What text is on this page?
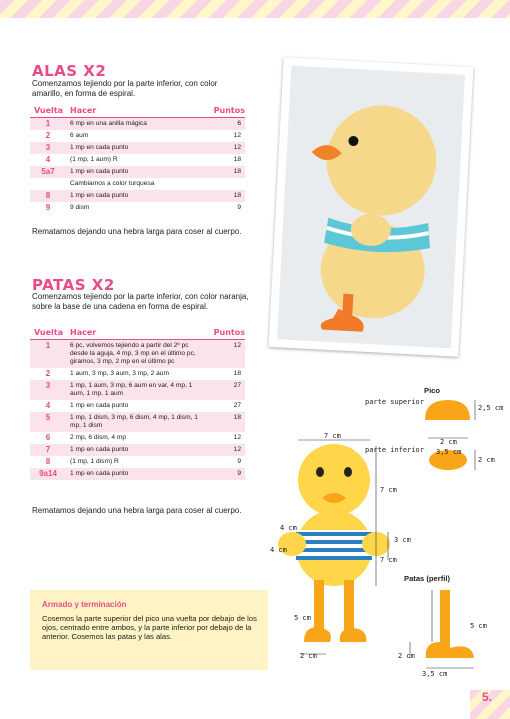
ALAS X2
Comenzamos tejiendo por la parte inferior, con color amarillo, en forma de espiral.
Vuelta	Hacer	Puntos
1	6 mp en una anilla mágica	6
2	6 aum	12
3	1 mp en cada punto	12
4	(1 mp, 1 aum) R	18
5a7	1 mp en cada punto	18
	Cambiamos a color turquesa	
8	1 mp en cada punto	18
9	9 dism	9
Rematamos dejando una hebra larga para coser al cuerpo.
PATAS X2
Comenzamos tejiendo por la parte inferior, con color naranja, sobre la base de una cadena en forma de espiral.
Vuelta	Hacer	Puntos
1	6 pc, volvemos tejiendo a partir del 2º pc desde la aguja, 4 mp, 3 mp en el último pc, giramos, 3 mp, 2 mp en el último pc	12
2	1 aum, 3 mp, 3 aum, 3 mp, 2 aum	18
3	1 mp, 1 aum, 3 mp, 6 aum en var, 4 mp, 1 aum, 1 mp, 1 aum	27
4	1 mp en cada punto	27
5	1 mp, 1 dism, 3 mp, 6 dism, 4 mp, 1 dism, 1 mp, 1 dism	18
6	2 mp, 6 dism, 4 mp	12
7	1 mp en cada punto	12
8	(1 mp, 1 dism) R	9
9a14	1 mp en cada punto	9
Rematamos dejando una hebra larga para coser al cuerpo.
Pico
parte superior
parte inferior
Patas (perfil)
3,5 cm
2,5 cm
2 cm
2 cm
7 cm
7 cm
7 cm
3 cm
4 cm
4 cm
5 cm
2 cm
5 cm
2 cm
3,5 cm
Armado y terminación
Cosemos la parte superior del pico una vuelta por debajo de los ojos, centrado entre ambos, y la parte inferior por debajo de la anterior. Cosemos las patas y las alas.
5.
